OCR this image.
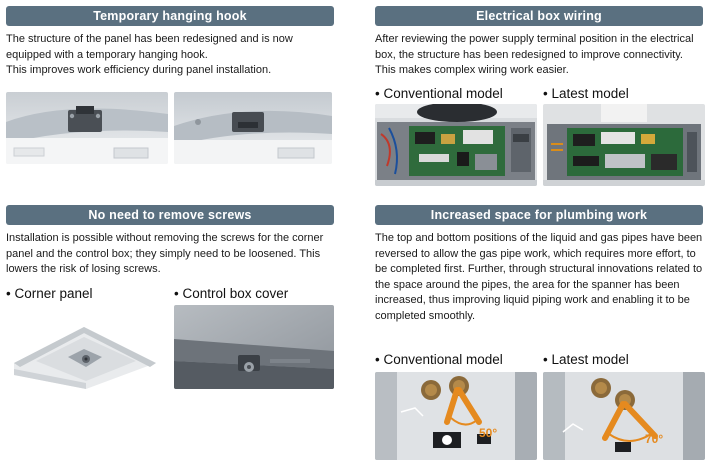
Temporary hanging hook

The structure of the panel has been redesigned and is now equipped with a temporary hanging hook.

This improves work efficiency during panel installation.

Electrical box wiring
After reviewing the power supply terminal position in the electrical box, the structure has been redesigned to improve connectivity. This makes complex wiring work easier.
• Conventional model	• Latest model
No need to remove screws
Installation is possible without removing the screws for the corner panel and the control box; they simply need to be loosened. This lowers the risk of losing screws.
• Corner panel	• Control box cover
Increased space for plumbing work
The top and bottom positions of the liquid and gas pipes have been reversed to allow the gas pipe work, which requires more effort, to be completed first. Further, through structural innovations related to the space around the pipes, the area for the spanner has been increased, thus improving liquid piping work and enabling it to be completed smoothly.
• Conventional model	• Latest model
50°	70°
